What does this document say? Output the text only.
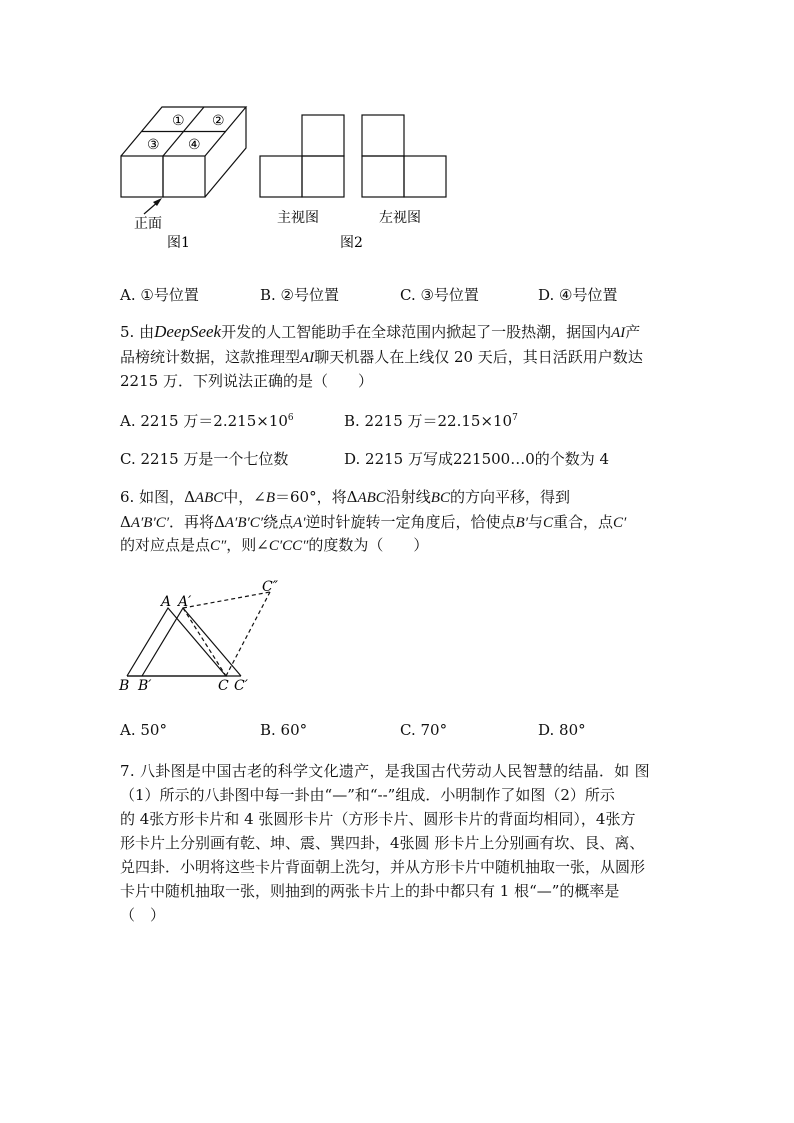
① ②
③ ④
正面
图1
主视图	左视图
图2
A. ①号位置	B. ②号位置	C. ③号位置	D. ④号位置
5. 由DeepSeek开发的人工智能助手在全球范围内掀起了一股热潮，据国内AI产
品榜统计数据，这款推理型AI聊天机器人在上线仅 20 天后，其日活跃用户数达
2215 万．下列说法正确的是（　　）
A. 2215 万$=2.215\times 10^6$	B. 2215 万$=22.15\times 10^7$
C. 2215 万是一个七位数	D. 2215 万写成221500…0的个数为 4
6. 如图，ΔABC中，∠B＝60°，将ΔABC沿射线BC的方向平移，得到
ΔA′B′C′．再将ΔA′B′C′绕点A′逆时针旋转一定角度后，恰使点B′与C重合，点C′
的对应点是点C″，则∠C′CC″的度数为（　　）
A A′
C″
B B′	C C′
A. 50°	B. 60°	C. 70°	D. 80°
7. 八卦图是中国古老的科学文化遗产，是我国古代劳动人民智慧的结晶．如 图
（1）所示的八卦图中每一卦由“—”和“--”组成．小明制作了如图（2）所示
的 4张方形卡片和 4 张圆形卡片（方形卡片、圆形卡片的背面均相同），4张方
形卡片上分别画有乾、坤、震、巽四卦，4张圆 形卡片上分别画有坎、艮、离、
兑四卦．小明将这些卡片背面朝上洗匀，并从方形卡片中随机抽取一张，从圆形
卡片中随机抽取一张，则抽到的两张卡片上的卦中都只有 1 根“—”的概率是
（　）
